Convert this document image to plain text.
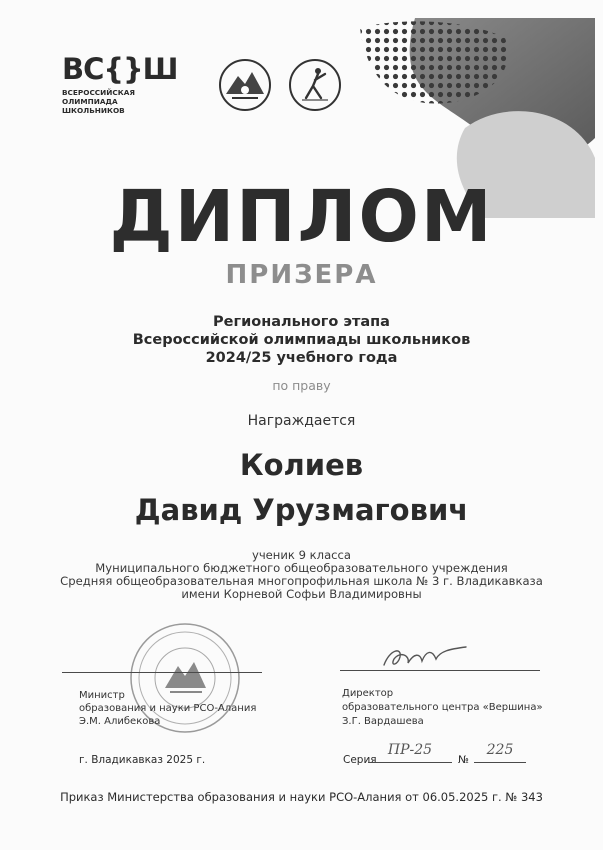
ВС{}Ш
ВСЕРОССИЙСКАЯ
ОЛИМПИАДА
ШКОЛЬНИКОВ
ДИПЛОМ
ПРИЗЕРА
Регионального этапа
Всероссийской олимпиады школьников
2024/25 учебного года
по праву
Награждается
Колиев
Давид Урузмагович
ученик 9 класса
Муниципального бюджетного общеобразовательного учреждения
Средняя общеобразовательная многопрофильная школа № 3 г. Владикавказа
имени Корневой Софьи Владимировны
Министр
образования и науки РСО-Алания
Э.М. Алибекова
Директор
образовательного центра «Вершина»
З.Г. Вардашева
г. Владикавказ 2025 г.	Серия
ПР-25
№
225
Приказ Министерства образования и науки РСО-Алания от 06.05.2025 г. № 343
